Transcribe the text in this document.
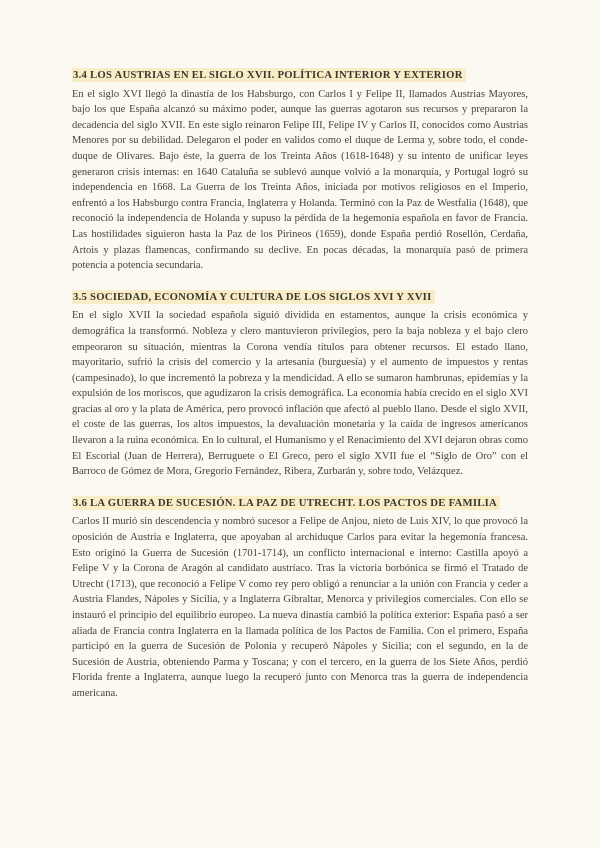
3.4 LOS AUSTRIAS EN EL SIGLO XVII. POLÍTICA INTERIOR Y EXTERIOR

En el siglo XVI llegó la dinastía de los Habsburgo, con Carlos I y Felipe II, llamados Austrias Mayores, bajo los que España alcanzó su máximo poder, aunque las guerras agotaron sus recursos y prepararon la decadencia del siglo XVII. En este siglo reinaron Felipe III, Felipe IV y Carlos II, conocidos como Austrias Menores por su debilidad. Delegaron el poder en validos como el duque de Lerma y, sobre todo, el conde-duque de Olivares. Bajo éste, la guerra de los Treinta Años (1618-1648) y su intento de unificar leyes generaron crisis internas: en 1640 Cataluña se sublevó aunque volvió a la monarquía, y Portugal logró su independencia en 1668. La Guerra de los Treinta Años, iniciada por motivos religiosos en el Imperio, enfrentó a los Habsburgo contra Francia, Inglaterra y Holanda. Terminó con la Paz de Westfalia (1648), que reconoció la independencia de Holanda y supuso la pérdida de la hegemonía española en favor de Francia. Las hostilidades siguieron hasta la Paz de los Pirineos (1659), donde España perdió Rosellón, Cerdaña, Artois y plazas flamencas, confirmando su declive. En pocas décadas, la monarquía pasó de primera potencia a potencia secundaria.

3.5 SOCIEDAD, ECONOMÍA Y CULTURA DE LOS SIGLOS XVI Y XVII

En el siglo XVII la sociedad española siguió dividida en estamentos, aunque la crisis económica y demográfica la transformó. Nobleza y clero mantuvieron privilegios, pero la baja nobleza y el bajo clero empeoraron su situación, mientras la Corona vendía títulos para obtener recursos. El estado llano, mayoritario, sufrió la crisis del comercio y la artesanía (burguesía) y el aumento de impuestos y rentas (campesinado), lo que incrementó la pobreza y la mendicidad. A ello se sumaron hambrunas, epidemias y la expulsión de los moriscos, que agudizaron la crisis demográfica. La economía había crecido en el siglo XVI gracias al oro y la plata de América, pero provocó inflación que afectó al pueblo llano. Desde el siglo XVII, el coste de las guerras, los altos impuestos, la devaluación monetaria y la caída de ingresos americanos llevaron a la ruina económica. En lo cultural, el Humanismo y el Renacimiento del XVI dejaron obras como El Escorial (Juan de Herrera), Berruguete o El Greco, pero el siglo XVII fue el “Siglo de Oro” con el Barroco de Gómez de Mora, Gregorio Fernández, Ribera, Zurbarán y, sobre todo, Velázquez.

3.6 LA GUERRA DE SUCESIÓN. LA PAZ DE UTRECHT. LOS PACTOS DE FAMILIA

Carlos II murió sin descendencia y nombró sucesor a Felipe de Anjou, nieto de Luis XIV, lo que provocó la oposición de Austria e Inglaterra, que apoyaban al archiduque Carlos para evitar la hegemonía francesa. Esto originó la Guerra de Sucesión (1701-1714), un conflicto internacional e interno: Castilla apoyó a Felipe V y la Corona de Aragón al candidato austríaco. Tras la victoria borbónica se firmó el Tratado de Utrecht (1713), que reconoció a Felipe V como rey pero obligó a renunciar a la unión con Francia y ceder a Austria Flandes, Nápoles y Sicilia, y a Inglaterra Gibraltar, Menorca y privilegios comerciales. Con ello se instauró el principio del equilibrio europeo. La nueva dinastía cambió la política exterior: España pasó a ser aliada de Francia contra Inglaterra en la llamada política de los Pactos de Familia. Con el primero, España participó en la guerra de Sucesión de Polonia y recuperó Nápoles y Sicilia; con el segundo, en la de Sucesión de Austria, obteniendo Parma y Toscana; y con el tercero, en la guerra de los Siete Años, perdió Florida frente a Inglaterra, aunque luego la recuperó junto con Menorca tras la guerra de independencia americana.
